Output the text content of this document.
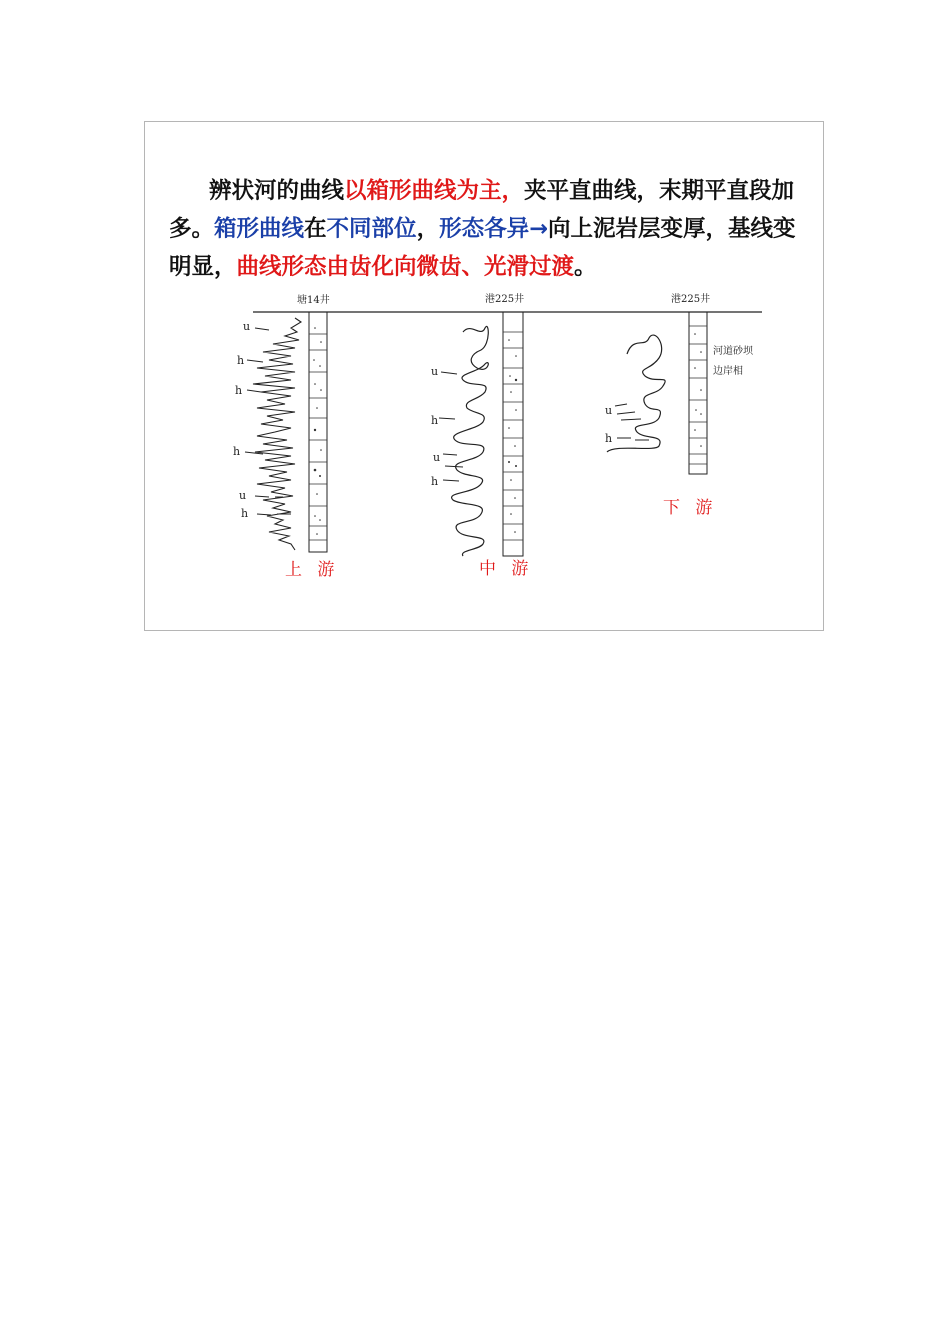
辨状河的曲线以箱形曲线为主，夹平直曲线，末期平直段加多。箱形曲线在不同部位，形态各异→向上泥岩层变厚，基线变明显，曲线形态由齿化向微齿、光滑过渡。

塘14井	港225井	港225井
u
h
h
h
u
h
上 游
u
h
u
h
中 游
u
h
河道砂坝
边岸相
下 游
